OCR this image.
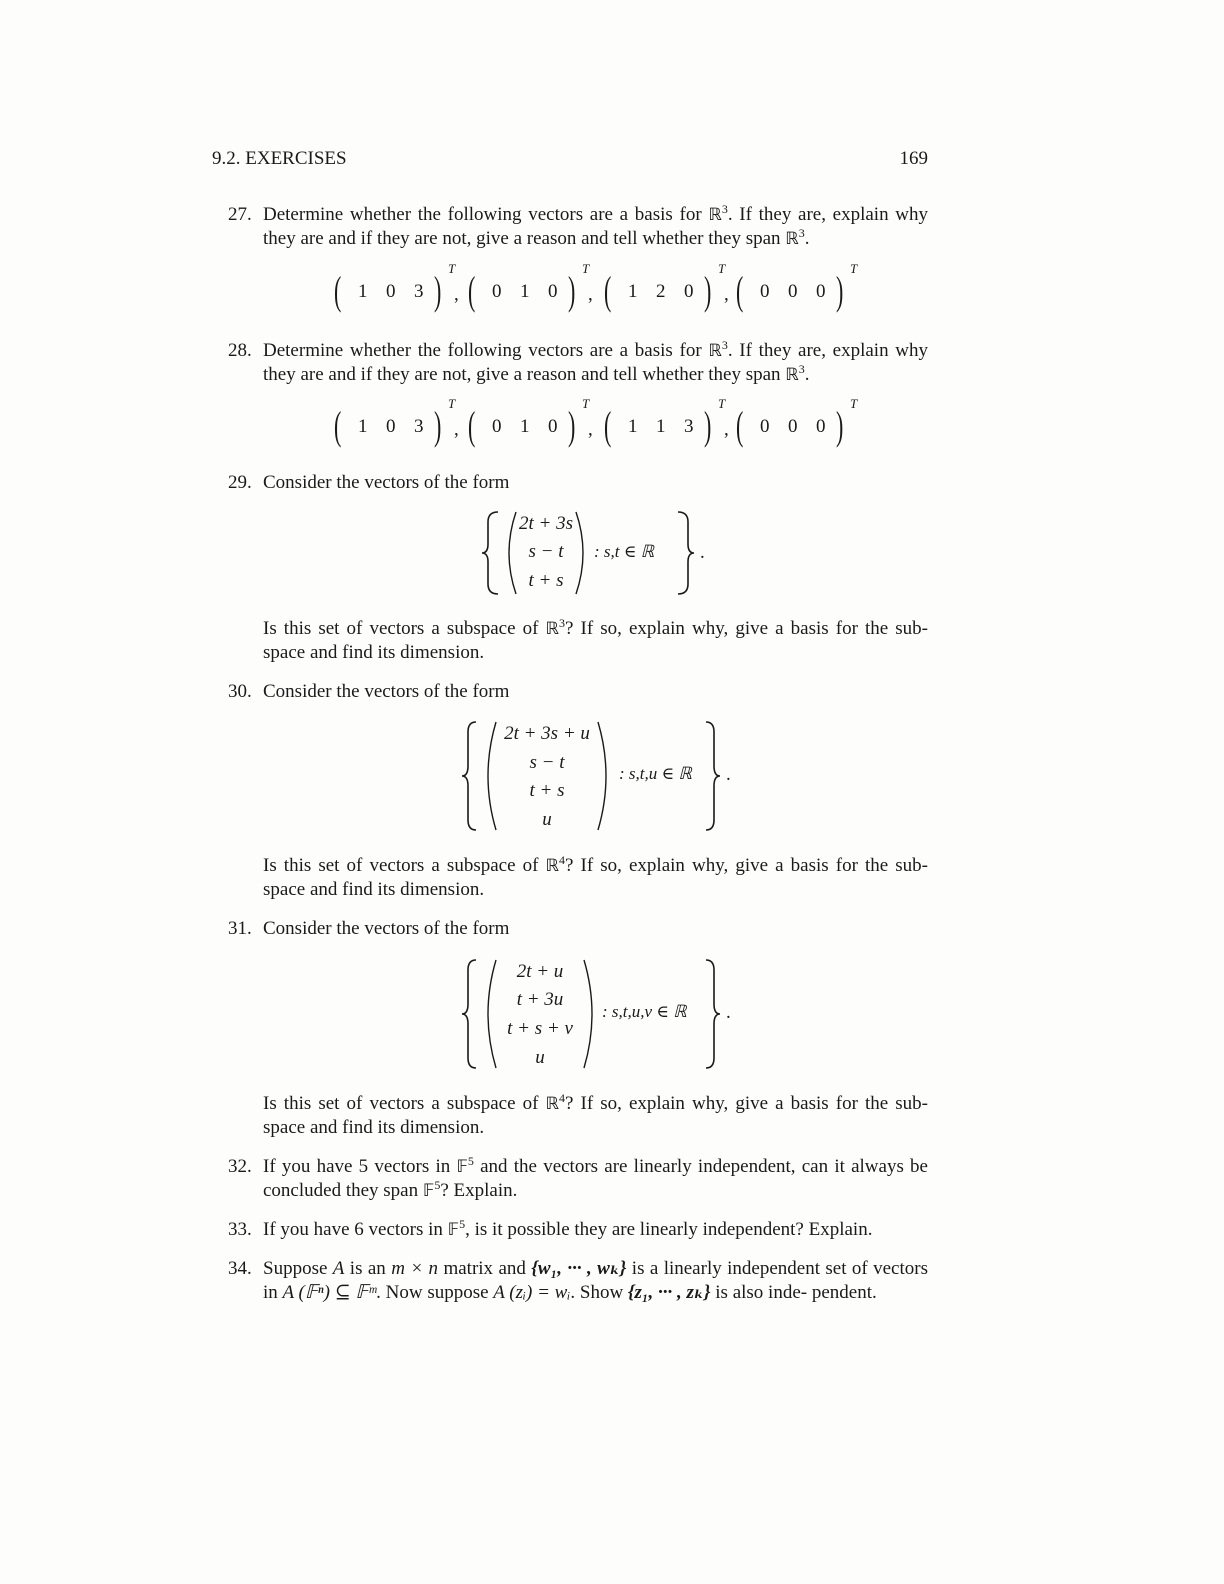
9.2. EXERCISES	169
27. Determine whether the following vectors are a basis for ℝ$^3$. If they are, explain why they are and if they are not, give a reason and tell whether they span ℝ$^3$.
( 1 0 3 ) T
, ( 0 1 0 ) T
, ( 1 2 0 ) T
, ( 0 0 0 ) T
28. Determine whether the following vectors are a basis for ℝ$^3$. If they are, explain why they are and if they are not, give a reason and tell whether they span ℝ$^3$.
( 1 0 3 ) T
, ( 0 1 0 ) T
, ( 1 1 3 ) T
, ( 0 0 0 ) T
29. Consider the vectors of the form
2t + 3s
s − t
t + s
: s,t ∈ ℝ .
Is this set of vectors a subspace of ℝ$^3$? If so, explain why, give a basis for the sub- space and find its dimension.
30. Consider the vectors of the form
2t + 3s + u
s − t
t + s
u
: s,t,u ∈ ℝ .
Is this set of vectors a subspace of ℝ$^4$? If so, explain why, give a basis for the sub- space and find its dimension.
31. Consider the vectors of the form
2t + u
t + 3u
t + s + v
u
: s,t,u,v ∈ ℝ .
Is this set of vectors a subspace of ℝ$^4$? If so, explain why, give a basis for the sub- space and find its dimension.
32. If you have 5 vectors in 𝔽$^5$ and the vectors are linearly independent, can it always be concluded they span 𝔽$^5$? Explain.
33. If you have 6 vectors in 𝔽$^5$, is it possible they are linearly independent? Explain.
34. Suppose A is an m × n matrix and {w₁, ··· , wₖ} is a linearly independent set of vectors in A (𝔽ⁿ) ⊆ 𝔽ᵐ. Now suppose A (zᵢ) = wᵢ. Show {z₁, ··· , zₖ} is also inde- pendent.
